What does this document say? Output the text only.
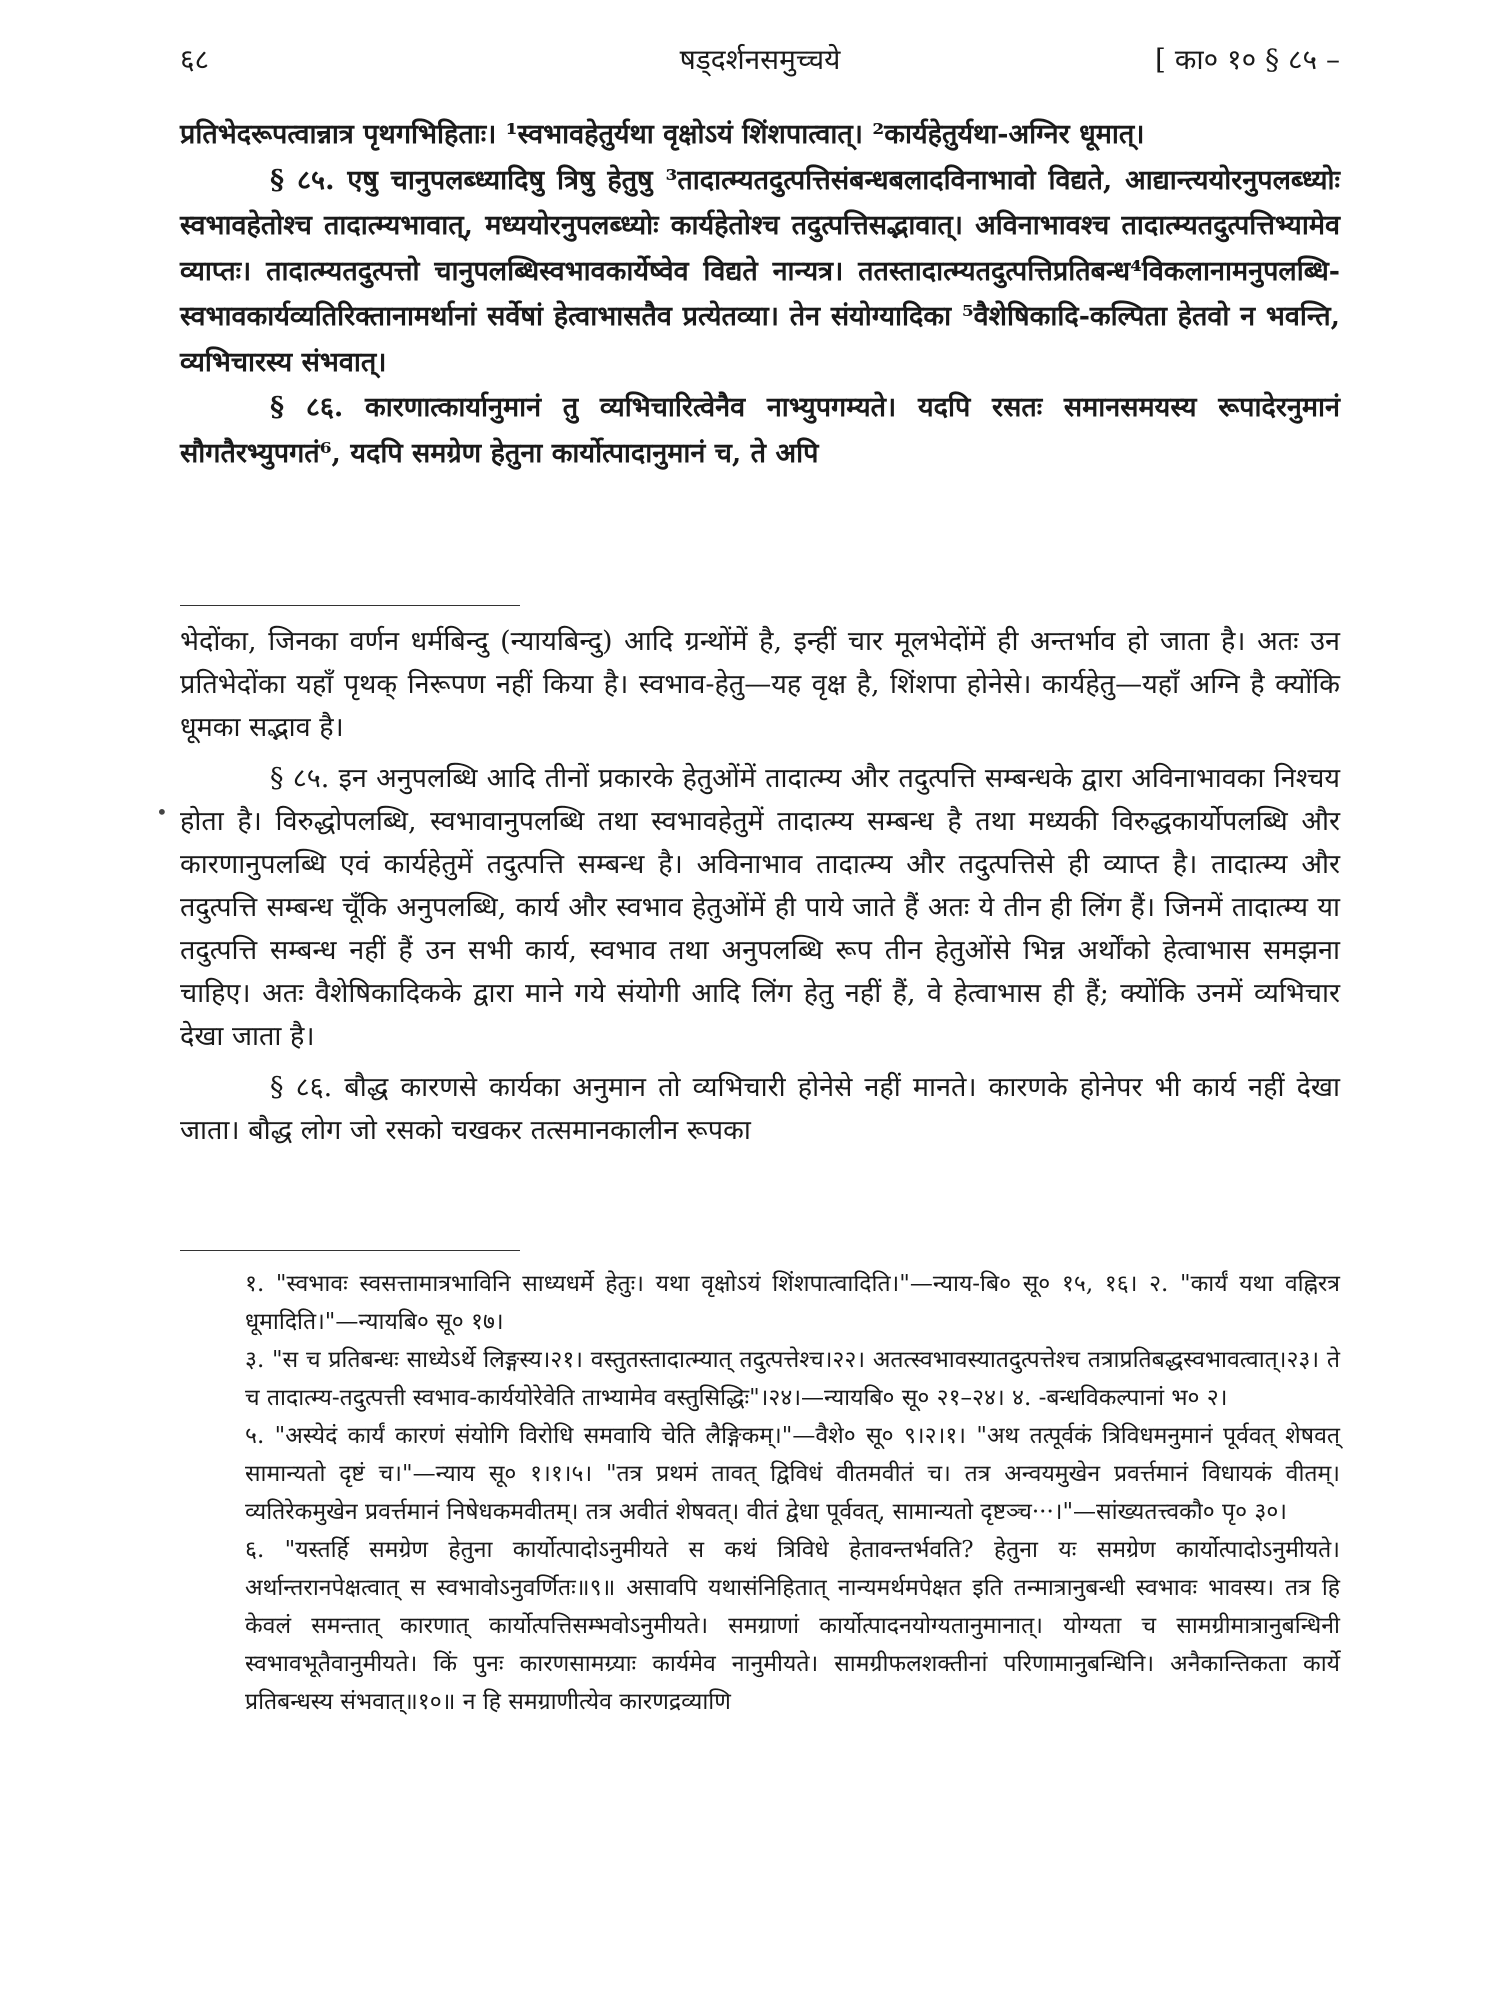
६८	षड्दर्शनसमुच्चये	[ का० १० § ८५ –

प्रतिभेदरूपत्वान्नात्र पृथगभिहिताः। ¹स्वभावहेतुर्यथा वृक्षोऽयं शिंशपात्वात्। ²कार्यहेतुर्यथा-अग्निर धूमात्।

§ ८५. एषु चानुपलब्ध्यादिषु त्रिषु हेतुषु ³तादात्म्यतदुत्पत्तिसंबन्धबलादविनाभावो विद्यते, आद्यान्त्ययोरनुपलब्ध्योः स्वभावहेतोश्च तादात्म्यभावात्, मध्ययोरनुपलब्ध्योः कार्यहेतोश्च तदुत्पत्तिसद्भावात्। अविनाभावश्च तादात्म्यतदुत्पत्तिभ्यामेव व्याप्तः। तादात्म्यतदुत्पत्तो चानुपलब्धिस्वभावकार्येष्वेव विद्यते नान्यत्र। ततस्तादात्म्यतदुत्पत्तिप्रतिबन्ध⁴विकलानामनुपलब्धि-स्वभावकार्यव्यतिरिक्तानामर्थानां सर्वेषां हेत्वाभासतैव प्रत्येतव्या। तेन संयोग्यादिका ⁵वैशेषिकादि-कल्पिता हेतवो न भवन्ति, व्यभिचारस्य संभवात्।

§ ८६. कारणात्कार्यानुमानं तु व्यभिचारित्वेनैव नाभ्युपगम्यते। यदपि रसतः समानसमयस्य रूपादेरनुमानं सौगतैरभ्युपगतं⁶, यदपि समग्रेण हेतुना कार्योत्पादानुमानं च, ते अपि

भेदोंका, जिनका वर्णन धर्मबिन्दु (न्यायबिन्दु) आदि ग्रन्थोंमें है, इन्हीं चार मूलभेदोंमें ही अन्तर्भाव हो जाता है। अतः उन प्रतिभेदोंका यहाँ पृथक् निरूपण नहीं किया है। स्वभाव-हेतु—यह वृक्ष है, शिंशपा होनेसे। कार्यहेतु—यहाँ अग्नि है क्योंकि धूमका सद्भाव है।

§ ८५. इन अनुपलब्धि आदि तीनों प्रकारके हेतुओंमें तादात्म्य और तदुत्पत्ति सम्बन्धके द्वारा अविनाभावका निश्चय होता है। विरुद्धोपलब्धि, स्वभावानुपलब्धि तथा स्वभावहेतुमें तादात्म्य सम्बन्ध है तथा मध्यकी विरुद्धकार्योपलब्धि और कारणानुपलब्धि एवं कार्यहेतुमें तदुत्पत्ति सम्बन्ध है। अविनाभाव तादात्म्य और तदुत्पत्तिसे ही व्याप्त है। तादात्म्य और तदुत्पत्ति सम्बन्ध चूँकि अनुपलब्धि, कार्य और स्वभाव हेतुओंमें ही पाये जाते हैं अतः ये तीन ही लिंग हैं। जिनमें तादात्म्य या तदुत्पत्ति सम्बन्ध नहीं हैं उन सभी कार्य, स्वभाव तथा अनुपलब्धि रूप तीन हेतुओंसे भिन्न अर्थोंको हेत्वाभास समझना चाहिए। अतः वैशेषिकादिकके द्वारा माने गये संयोगी आदि लिंग हेतु नहीं हैं, वे हेत्वाभास ही हैं; क्योंकि उनमें व्यभिचार देखा जाता है।

§ ८६. बौद्ध कारणसे कार्यका अनुमान तो व्यभिचारी होनेसे नहीं मानते। कारणके होनेपर भी कार्य नहीं देखा जाता। बौद्ध लोग जो रसको चखकर तत्समानकालीन रूपका

•

१. "स्वभावः स्वसत्तामात्रभाविनि साध्यधर्मे हेतुः। यथा वृक्षोऽयं शिंशपात्वादिति।"—न्याय-बि० सू० १५, १६। २. "कार्यं यथा वह्निरत्र धूमादिति।"—न्यायबि० सू० १७।

३. "स च प्रतिबन्धः साध्येऽर्थे लिङ्गस्य।२१। वस्तुतस्तादात्म्यात् तदुत्पत्तेश्च।२२। अतत्स्वभावस्यातदुत्पत्तेश्च तत्राप्रतिबद्धस्वभावत्वात्।२३। ते च तादात्म्य-तदुत्पत्ती स्वभाव-कार्ययोरेवेति ताभ्यामेव वस्तुसिद्धिः"।२४।—न्यायबि० सू० २१–२४। ४. -बन्धविकल्पानां भ० २।

५. "अस्येदं कार्यं कारणं संयोगि विरोधि समवायि चेति लैङ्गिकम्।"—वैशे० सू० ९।२।१। "अथ तत्पूर्वकं त्रिविधमनुमानं पूर्ववत् शेषवत् सामान्यतो दृष्टं च।"—न्याय सू० १।१।५। "तत्र प्रथमं तावत् द्विविधं वीतमवीतं च। तत्र अन्वयमुखेन प्रवर्त्तमानं विधायकं वीतम्। व्यतिरेकमुखेन प्रवर्त्तमानं निषेधकमवीतम्। तत्र अवीतं शेषवत्। वीतं द्वेधा पूर्ववत्, सामान्यतो दृष्टञ्च···।"—सांख्यतत्त्वकौ० पृ० ३०।

६. "यस्तर्हि समग्रेण हेतुना कार्योत्पादोऽनुमीयते स कथं त्रिविधे हेतावन्तर्भवति? हेतुना यः समग्रेण कार्योत्पादोऽनुमीयते। अर्थान्तरानपेक्षत्वात् स स्वभावोऽनुवर्णितः॥९॥ असावपि यथासंनिहितात् नान्यमर्थमपेक्षत इति तन्मात्रानुबन्धी स्वभावः भावस्य। तत्र हि केवलं समन्तात् कारणात् कार्योत्पत्तिसम्भवोऽनुमीयते। समग्राणां कार्योत्पादनयोग्यतानुमानात्। योग्यता च सामग्रीमात्रानुबन्धिनी स्वभावभूतैवानुमीयते। किं पुनः कारणसामग्र्याः कार्यमेव नानुमीयते। सामग्रीफलशक्तीनां परिणामानुबन्धिनि। अनैकान्तिकता कार्ये प्रतिबन्धस्य संभवात्॥१०॥ न हि समग्राणीत्येव कारणद्रव्याणि
